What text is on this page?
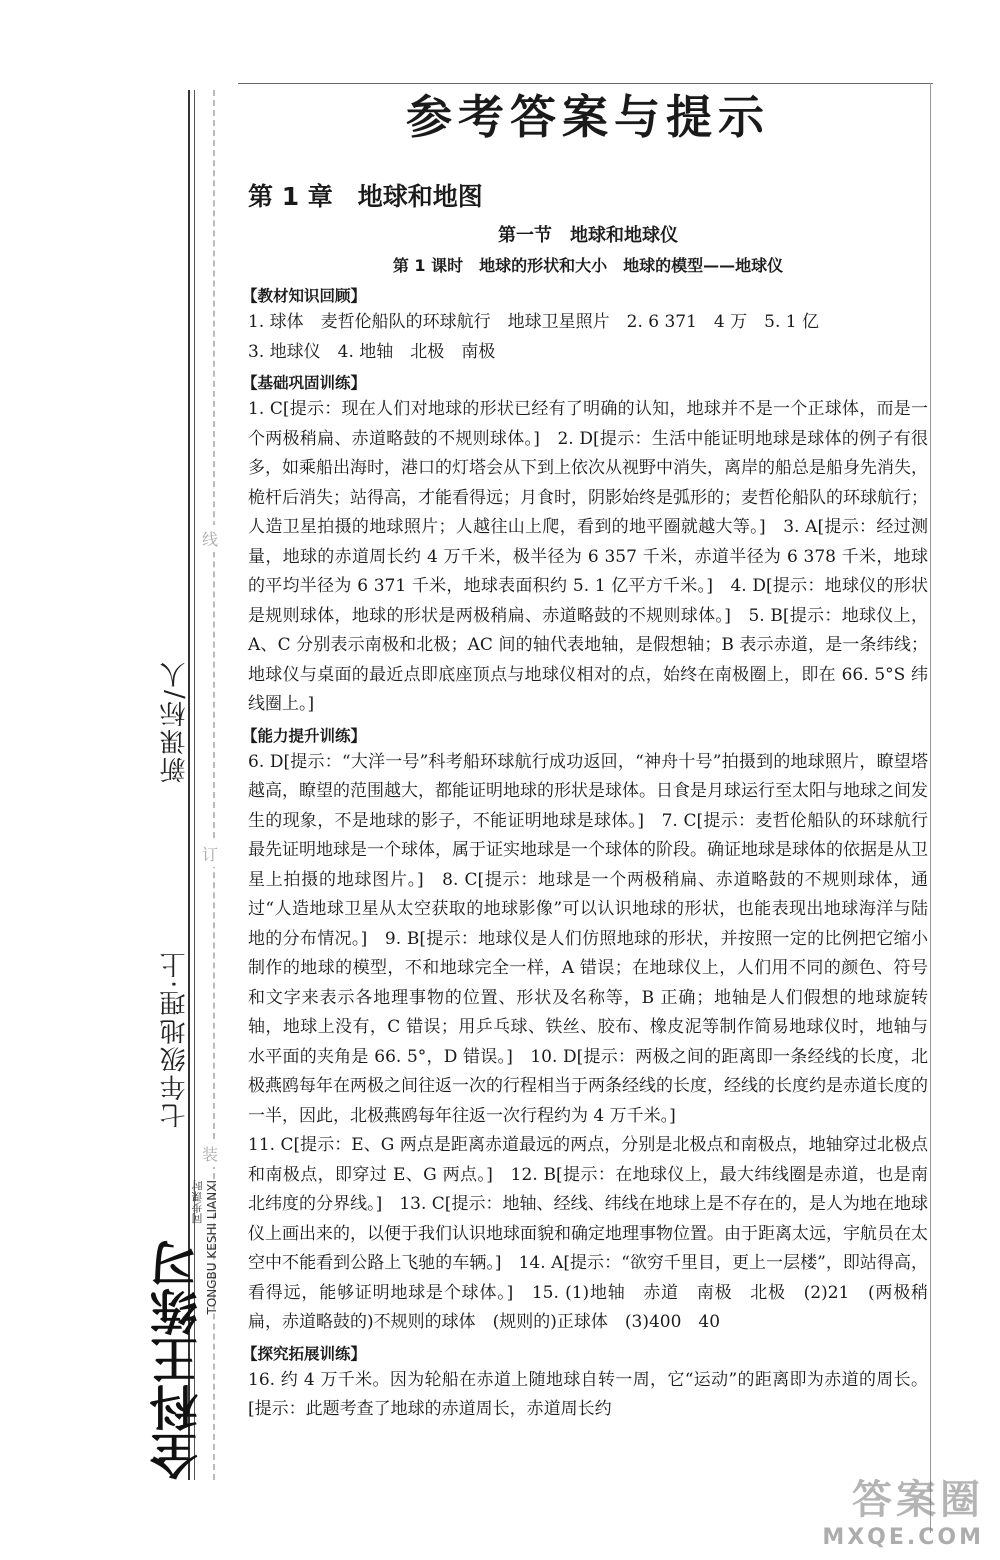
线
订
装
新课标/人
七年级地理·上
TONGBU KESHI LIANXI
同步课时
全科王练习
参考答案与提示
第 1 章　地球和地图
第一节　地球和地球仪
第 1 课时　地球的形状和大小　地球的模型——地球仪
【教材知识回顾】

1. 球体　麦哲伦船队的环球航行　地球卫星照片　2. 6 371　4 万　5. 1 亿

3. 地球仪　4. 地轴　北极　南极

【基础巩固训练】

1. C[提示：现在人们对地球的形状已经有了明确的认知，地球并不是一个正球体，而是一个两极稍扁、赤道略鼓的不规则球体。]　2. D[提示：生活中能证明地球是球体的例子有很多，如乘船出海时，港口的灯塔会从下到上依次从视野中消失，离岸的船总是船身先消失，桅杆后消失；站得高，才能看得远；月食时，阴影始终是弧形的；麦哲伦船队的环球航行；人造卫星拍摄的地球照片；人越往山上爬，看到的地平圈就越大等。]　3. A[提示：经过测量，地球的赤道周长约 4 万千米，极半径为 6 357 千米，赤道半径为 6 378 千米，地球的平均半径为 6 371 千米，地球表面积约 5. 1 亿平方千米。]　4. D[提示：地球仪的形状是规则球体，地球的形状是两极稍扁、赤道略鼓的不规则球体。]　5. B[提示：地球仪上，A、C 分别表示南极和北极；AC 间的轴代表地轴，是假想轴；B 表示赤道，是一条纬线；地球仪与桌面的最近点即底座顶点与地球仪相对的点，始终在南极圈上，即在 66. 5°S 纬线圈上。]

【能力提升训练】

6. D[提示：“大洋一号”科考船环球航行成功返回，“神舟十号”拍摄到的地球照片，瞭望塔越高，瞭望的范围越大，都能证明地球的形状是球体。日食是月球运行至太阳与地球之间发生的现象，不是地球的影子，不能证明地球是球体。]　7. C[提示：麦哲伦船队的环球航行最先证明地球是一个球体，属于证实地球是一个球体的阶段。确证地球是球体的依据是从卫星上拍摄的地球图片。]　8. C[提示：地球是一个两极稍扁、赤道略鼓的不规则球体，通过“人造地球卫星从太空获取的地球影像”可以认识地球的形状，也能表现出地球海洋与陆地的分布情况。]　9. B[提示：地球仪是人们仿照地球的形状，并按照一定的比例把它缩小制作的地球的模型，不和地球完全一样，A 错误；在地球仪上，人们用不同的颜色、符号和文字来表示各地理事物的位置、形状及名称等，B 正确；地轴是人们假想的地球旋转轴，地球上没有，C 错误；用乒乓球、铁丝、胶布、橡皮泥等制作简易地球仪时，地轴与水平面的夹角是 66. 5°，D 错误。]　10. D[提示：两极之间的距离即一条经线的长度，北极燕鸥每年在两极之间往返一次的行程相当于两条经线的长度，经线的长度约是赤道长度的一半，因此，北极燕鸥每年往返一次行程约为 4 万千米。]

11. C[提示：E、G 两点是距离赤道最远的两点，分别是北极点和南极点，地轴穿过北极点和南极点，即穿过 E、G 两点。]　12. B[提示：在地球仪上，最大纬线圈是赤道，也是南北纬度的分界线。]　13. C[提示：地轴、经线、纬线在地球上是不存在的，是人为地在地球仪上画出来的，以便于我们认识地球面貌和确定地理事物位置。由于距离太远，宇航员在太空中不能看到公路上飞驰的车辆。]　14. A[提示：“欲穷千里目，更上一层楼”，即站得高，看得远，能够证明地球是个球体。]　15. (1)地轴　赤道　南极　北极　(2)21　(两极稍扁，赤道略鼓的)不规则的球体　(规则的)正球体　(3)400　40

【探究拓展训练】

16. 约 4 万千米。因为轮船在赤道上随地球自转一周，它“运动”的距离即为赤道的周长。[提示：此题考查了地球的赤道周长，赤道周长约

答案圈
MXQE.COM
